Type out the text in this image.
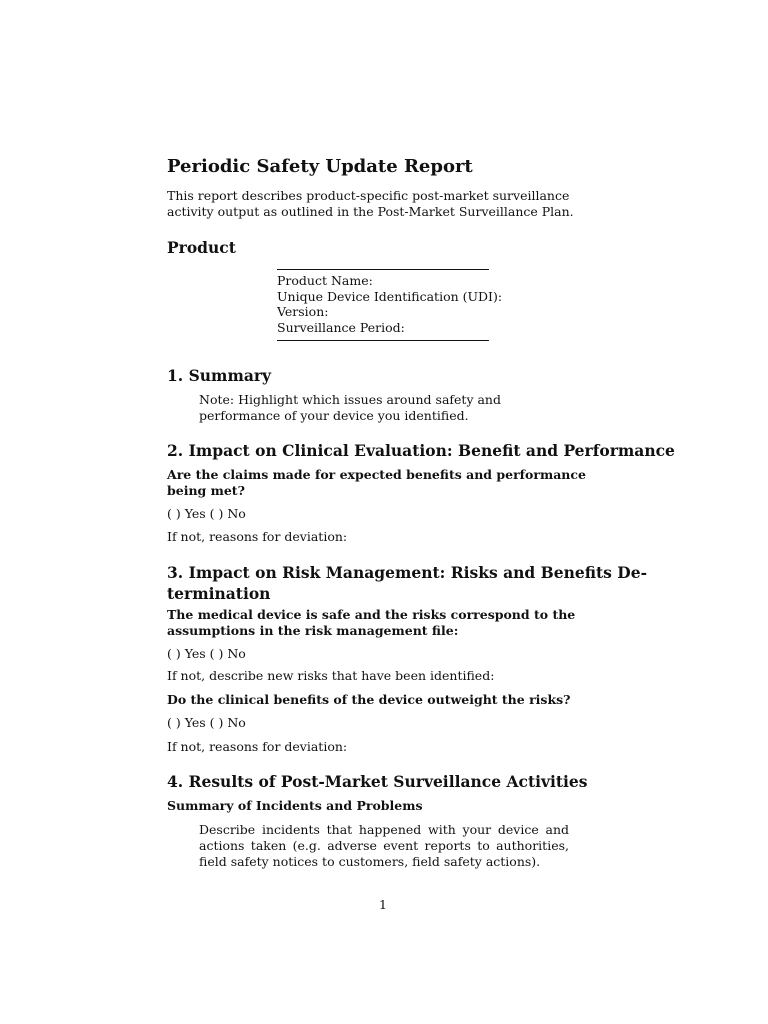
Periodic Safety Update Report
This report describes product-specific post-market surveillance activity output as outlined in the Post-Market Surveillance Plan.
Product
Product Name:
Unique Device Identification (UDI):
Version:
Surveillance Period:
1. Summary
Note: Highlight which issues around safety and performance of your device you identified.
2. Impact on Clinical Evaluation: Benefit and Performance
Are the claims made for expected benefits and performance being met?
( ) Yes ( ) No
If not, reasons for deviation:
3. Impact on Risk Management: Risks and Benefits De-
termination
The medical device is safe and the risks correspond to the assumptions in the risk management file:
( ) Yes ( ) No
If not, describe new risks that have been identified:
Do the clinical benefits of the device outweight the risks?
( ) Yes ( ) No
If not, reasons for deviation:
4. Results of Post-Market Surveillance Activities
Summary of Incidents and Problems
Describe incidents that happened with your device and actions taken (e.g. adverse event reports to authorities, field safety notices to customers, field safety actions).
1
